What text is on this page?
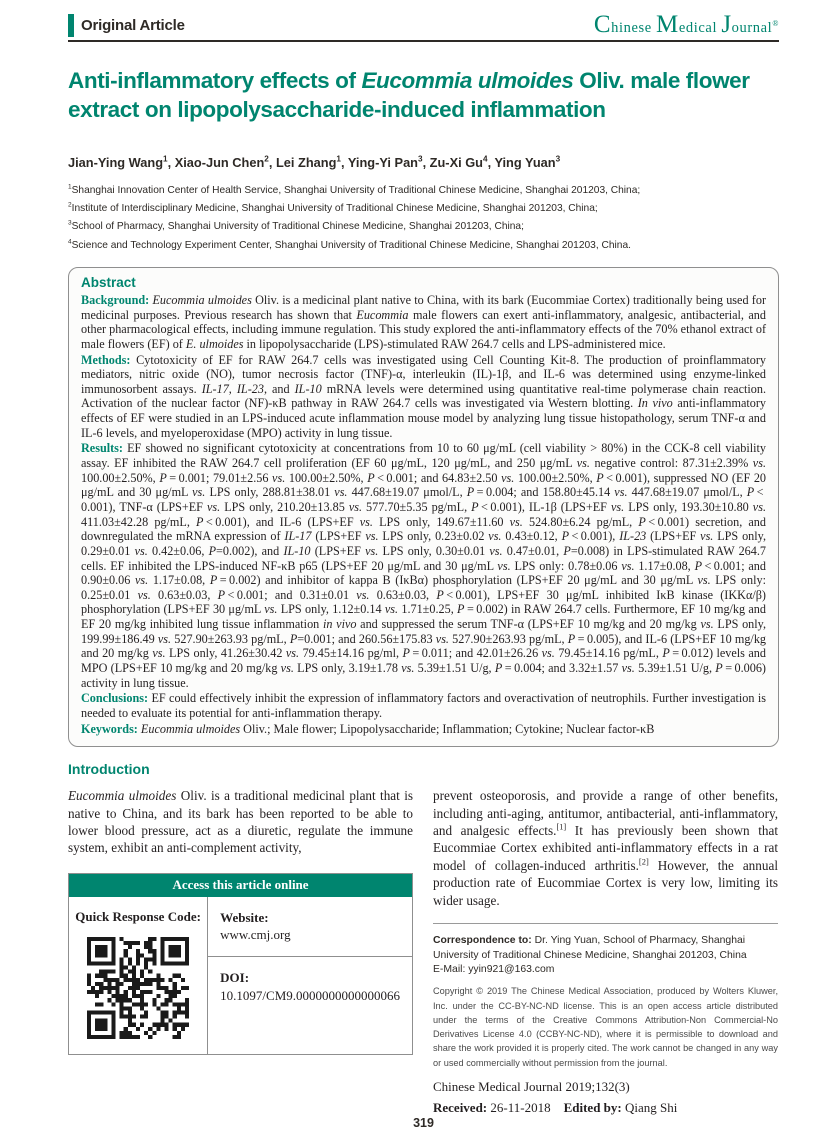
Original Article	Chinese Medical Journal®
Anti-inflammatory effects of Eucommia ulmoides Oliv. male flower extract on lipopolysaccharide-induced inflammation
Jian-Ying Wang$^1$, Xiao-Jun Chen$^2$, Lei Zhang$^1$, Ying-Yi Pan$^3$, Zu-Xi Gu$^4$, Ying Yuan$^3$
$^1$Shanghai Innovation Center of Health Service, Shanghai University of Traditional Chinese Medicine, Shanghai 201203, China;
$^2$Institute of Interdisciplinary Medicine, Shanghai University of Traditional Chinese Medicine, Shanghai 201203, China;
$^3$School of Pharmacy, Shanghai University of Traditional Chinese Medicine, Shanghai 201203, China;
$^4$Science and Technology Experiment Center, Shanghai University of Traditional Chinese Medicine, Shanghai 201203, China.
Abstract

Background: Eucommia ulmoides Oliv. is a medicinal plant native to China, with its bark (Eucommiae Cortex) traditionally being used for medicinal purposes. Previous research has shown that Eucommia male flowers can exert anti-inflammatory, analgesic, antibacterial, and other pharmacological effects, including immune regulation. This study explored the anti-inflammatory effects of the 70% ethanol extract of male flowers (EF) of E. ulmoides in lipopolysaccharide (LPS)-stimulated RAW 264.7 cells and LPS-administered mice.

Methods: Cytotoxicity of EF for RAW 264.7 cells was investigated using Cell Counting Kit-8. The production of proinflammatory mediators, nitric oxide (NO), tumor necrosis factor (TNF)-α, interleukin (IL)-1β, and IL-6 was determined using enzyme-linked immunosorbent assays. IL-17, IL-23, and IL-10 mRNA levels were determined using quantitative real-time polymerase chain reaction. Activation of the nuclear factor (NF)-κB pathway in RAW 264.7 cells was investigated via Western blotting. In vivo anti-inflammatory effects of EF were studied in an LPS-induced acute inflammation mouse model by analyzing lung tissue histopathology, serum TNF-α and IL-6 levels, and myeloperoxidase (MPO) activity in lung tissue.

Results: EF showed no significant cytotoxicity at concentrations from 10 to 60 μg/mL (cell viability > 80%) in the CCK-8 cell viability assay. EF inhibited the RAW 264.7 cell proliferation (EF 60 μg/mL, 120 μg/mL, and 250 μg/mL vs. negative control: 87.31±2.39% vs. 100.00±2.50%, P = 0.001; 79.01±2.56 vs. 100.00±2.50%, P < 0.001; and 64.83±2.50 vs. 100.00±2.50%, P < 0.001), suppressed NO (EF 20 μg/mL and 30 μg/mL vs. LPS only, 288.81±38.01 vs. 447.68±19.07 μmol/L, P = 0.004; and 158.80±45.14 vs. 447.68±19.07 μmol/L, P < 0.001), TNF-α (LPS+EF vs. LPS only, 210.20±13.85 vs. 577.70±5.35 pg/mL, P < 0.001), IL-1β (LPS+EF vs. LPS only, 193.30±10.80 vs. 411.03±42.28 pg/mL, P < 0.001), and IL-6 (LPS+EF vs. LPS only, 149.67±11.60 vs. 524.80±6.24 pg/mL, P < 0.001) secretion, and downregulated the mRNA expression of IL-17 (LPS+EF vs. LPS only, 0.23±0.02 vs. 0.43±0.12, P < 0.001), IL-23 (LPS+EF vs. LPS only, 0.29±0.01 vs. 0.42±0.06, P=0.002), and IL-10 (LPS+EF vs. LPS only, 0.30±0.01 vs. 0.47±0.01, P=0.008) in LPS-stimulated RAW 264.7 cells. EF inhibited the LPS-induced NF-κB p65 (LPS+EF 20 μg/mL and 30 μg/mL vs. LPS only: 0.78±0.06 vs. 1.17±0.08, P < 0.001; and 0.90±0.06 vs. 1.17±0.08, P = 0.002) and inhibitor of kappa B (IκBα) phosphorylation (LPS+EF 20 μg/mL and 30 μg/mL vs. LPS only: 0.25±0.01 vs. 0.63±0.03, P < 0.001; and 0.31±0.01 vs. 0.63±0.03, P < 0.001), LPS+EF 30 μg/mL inhibited IκB kinase (IKKα/β) phosphorylation (LPS+EF 30 μg/mL vs. LPS only, 1.12±0.14 vs. 1.71±0.25, P = 0.002) in RAW 264.7 cells. Furthermore, EF 10 mg/kg and EF 20 mg/kg inhibited lung tissue inflammation in vivo and suppressed the serum TNF-α (LPS+EF 10 mg/kg and 20 mg/kg vs. LPS only, 199.99±186.49 vs. 527.90±263.93 pg/mL, P=0.001; and 260.56±175.83 vs. 527.90±263.93 pg/mL, P = 0.005), and IL-6 (LPS+EF 10 mg/kg and 20 mg/kg vs. LPS only, 41.26±30.42 vs. 79.45±14.16 pg/ml, P = 0.011; and 42.01±26.26 vs. 79.45±14.16 pg/mL, P = 0.012) levels and MPO (LPS+EF 10 mg/kg and 20 mg/kg vs. LPS only, 3.19±1.78 vs. 5.39±1.51 U/g, P = 0.004; and 3.32±1.57 vs. 5.39±1.51 U/g, P = 0.006) activity in lung tissue.

Conclusions: EF could effectively inhibit the expression of inflammatory factors and overactivation of neutrophils. Further investigation is needed to evaluate its potential for anti-inflammation therapy.

Keywords: Eucommia ulmoides Oliv.; Male flower; Lipopolysaccharide; Inflammation; Cytokine; Nuclear factor-κB

Introduction

Eucommia ulmoides Oliv. is a traditional medicinal plant that is native to China, and its bark has been reported to be able to lower blood pressure, act as a diuretic, regulate the immune system, exhibit an anti-complement activity,

Access this article online
Quick Response Code: Website:
www.cmj.org
DOI:
10.1097/CM9.0000000000000066

prevent osteoporosis, and provide a range of other benefits, including anti-aging, antitumor, antibacterial, anti-inflammatory, and analgesic effects.[1] It has previously been shown that Eucommiae Cortex exhibited anti-inflammatory effects in a rat model of collagen-induced arthritis.[2] However, the annual production rate of Eucommiae Cortex is very low, limiting its wider usage.

Correspondence to: Dr. Ying Yuan, School of Pharmacy, Shanghai University of Traditional Chinese Medicine, Shanghai 201203, China
E-Mail: yyin921@163.com
Copyright © 2019 The Chinese Medical Association, produced by Wolters Kluwer, Inc. under the CC-BY-NC-ND license. This is an open access article distributed under the terms of the Creative Commons Attribution-Non Commercial-No Derivatives License 4.0 (CCBY-NC-ND), where it is permissible to download and share the work provided it is properly cited. The work cannot be changed in any way or used commercially without permission from the journal.
Chinese Medical Journal 2019;132(3)
Received: 26-11-2018 Edited by: Qiang Shi
319
